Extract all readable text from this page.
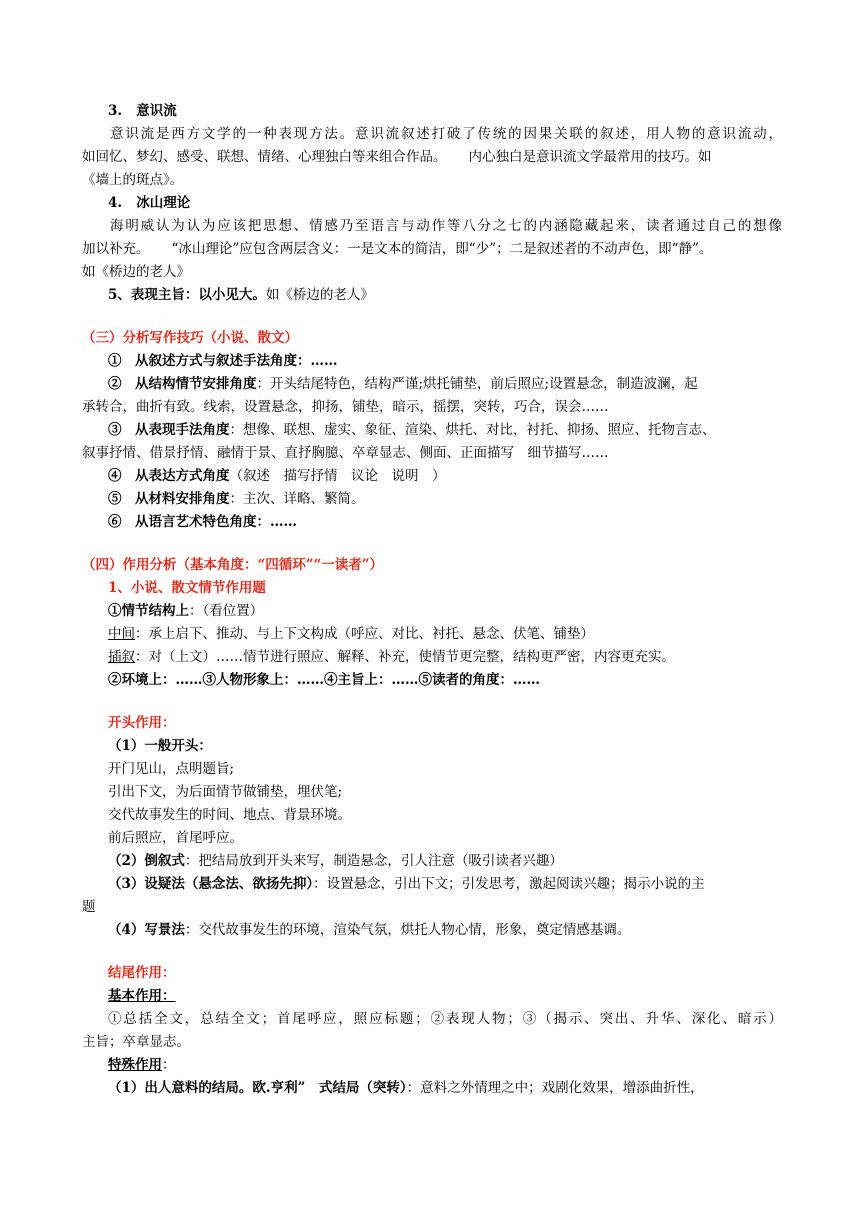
3. 意识流
意识流是西方文学的一种表现方法。意识流叙述打破了传统的因果关联的叙述，用人物的意识流动，
如回忆、梦幻、感受、联想、情绪、心理独白等来组合作品。 内心独白是意识流文学最常用的技巧。如
《墙上的斑点》。
4. 冰山理论
海明威认为认为应该把思想、情感乃至语言与动作等八分之七的内涵隐藏起来，读者通过自己的想像
加以补充。 “冰山理论”应包含两层含义：一是文本的简洁，即“少”；二是叙述者的不动声色，即“静”。
如《桥边的老人》
5、表现主旨：以小见大。如《桥边的老人》
（三）分析写作技巧（小说、散文）
①　从叙述方式与叙述手法角度：……
②　从结构情节安排角度：开头结尾特色，结构严谨;烘托铺垫，前后照应;设置悬念，制造波澜，起
承转合，曲折有致。线索，设置悬念，抑扬，铺垫，暗示，摇摆，突转，巧合，误会……
③　从表现手法角度：想像、联想、虚实、象征、渲染、烘托、对比，衬托、抑扬、照应、托物言志、
叙事抒情、借景抒情、融情于景、直抒胸臆、卒章显志、侧面、正面描写　细节描写……
④　从表达方式角度（叙述　描写抒情　议论　说明　）
⑤　从材料安排角度：主次、详略、繁简。
⑥　从语言艺术特色角度：……
（四）作用分析（基本角度：“四循环”“一读者”）
1、小说、散文情节作用题
①情节结构上：（看位置）
中间：承上启下、推动、与上下文构成（呼应、对比、衬托、悬念、伏笔、铺垫）
插叙：对（上文）……情节进行照应、解释、补充，使情节更完整，结构更严密，内容更充实。
②环境上：……③人物形象上：……④主旨上：……⑤读者的角度：……
开头作用：
（1）一般开头：
开门见山，点明题旨;
引出下文，为后面情节做铺垫，埋伏笔;
交代故事发生的时间、地点、背景环境。
前后照应，首尾呼应。
（2）倒叙式：把结局放到开头来写，制造悬念，引人注意（吸引读者兴趣）
（3）设疑法（悬念法、欲扬先抑）：设置悬念，引出下文；引发思考，激起阅读兴趣；揭示小说的主
题
（4）写景法：交代故事发生的环境，渲染气氛，烘托人物心情，形象，奠定情感基调。
结尾作用：
基本作用：
①总括全文，总结全文；首尾呼应，照应标题；②表现人物；③（揭示、突出、升华、深化、暗示）
主旨；卒章显志。
特殊作用：
（1）出人意料的结局。欧.亨利”　式结局（突转）：意料之外情理之中；戏剧化效果，增添曲折性，
